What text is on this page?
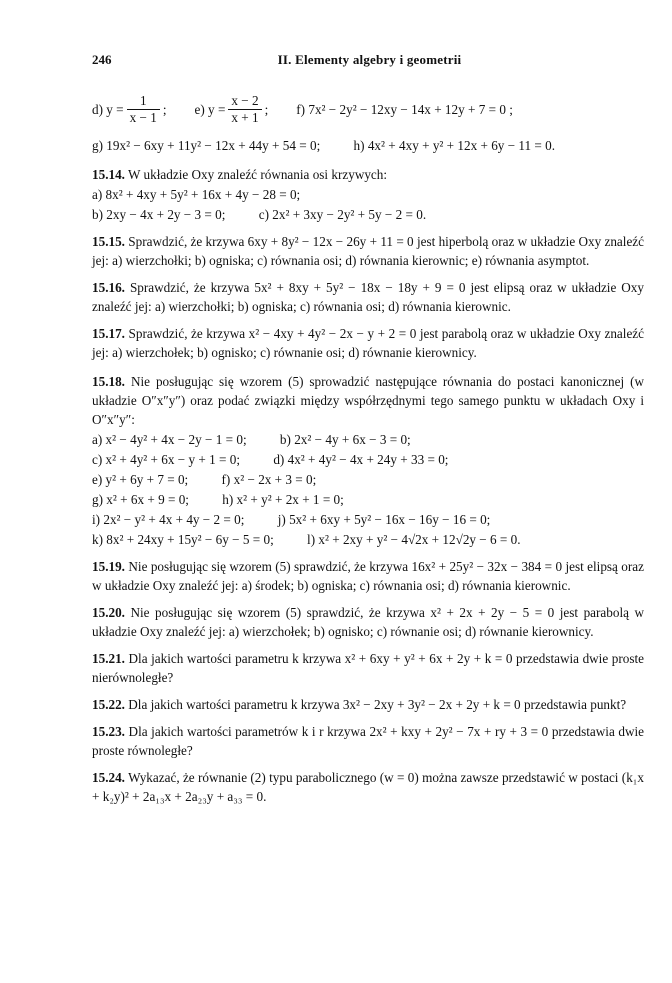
246	II. Elementy algebry i geometrii
d) $y = \frac{1}{x - 1}$ ; e) $y = \frac{x - 2}{x + 1}$ ; f) 7x² − 2y² − 12xy − 14x + 12y + 7 = 0 ;
g) 19x² − 6xy + 11y² − 12x + 44y + 54 = 0;	h) 4x² + 4xy + y² + 12x + 6y − 11 = 0.
15.14. W układzie Oxy znaleźć równania osi krzywych:
a) 8x² + 4xy + 5y² + 16x + 4y − 28 = 0;
b) 2xy − 4x + 2y − 3 = 0;	c) 2x² + 3xy − 2y² + 5y − 2 = 0.
15.15. Sprawdzić, że krzywa 6xy + 8y² − 12x − 26y + 11 = 0 jest hiperbolą oraz w układzie Oxy znaleźć jej: a) wierzchołki; b) ogniska; c) równania osi; d) równania kierownic; e) równania asymptot.
15.16. Sprawdzić, że krzywa 5x² + 8xy + 5y² − 18x − 18y + 9 = 0 jest elipsą oraz w układzie Oxy znaleźć jej: a) wierzchołki; b) ogniska; c) równania osi; d) równania kierownic.
15.17. Sprawdzić, że krzywa x² − 4xy + 4y² − 2x − y + 2 = 0 jest parabolą oraz w układzie Oxy znaleźć jej: a) wierzchołek; b) ognisko; c) równanie osi; d) równanie kierownicy.
15.18. Nie posługując się wzorem (5) sprowadzić następujące równania do postaci kanonicznej (w układzie O″x″y″) oraz podać związki między współrzędnymi tego samego punktu w układach Oxy i O″x″y″:
a) x² − 4y² + 4x − 2y − 1 = 0;	b) 2x² − 4y + 6x − 3 = 0;
c) x² + 4y² + 6x − y + 1 = 0;	d) 4x² + 4y² − 4x + 24y + 33 = 0;
e) y² + 6y + 7 = 0;	f) x² − 2x + 3 = 0;
g) x² + 6x + 9 = 0;	h) x² + y² + 2x + 1 = 0;
i) 2x² − y² + 4x + 4y − 2 = 0;	j) 5x² + 6xy + 5y² − 16x − 16y − 16 = 0;
k) 8x² + 24xy + 15y² − 6y − 5 = 0;	l) x² + 2xy + y² − 4√2x + 12√2y − 6 = 0.
15.19. Nie posługując się wzorem (5) sprawdzić, że krzywa 16x² + 25y² − 32x − 384 = 0 jest elipsą oraz w układzie Oxy znaleźć jej: a) środek; b) ogniska; c) równania osi; d) równania kierownic.
15.20. Nie posługując się wzorem (5) sprawdzić, że krzywa x² + 2x + 2y − 5 = 0 jest parabolą w układzie Oxy znaleźć jej: a) wierzchołek; b) ognisko; c) równanie osi; d) równanie kierownicy.
15.21. Dla jakich wartości parametru k krzywa x² + 6xy + y² + 6x + 2y + k = 0 przedstawia dwie proste nierównoległe?
15.22. Dla jakich wartości parametru k krzywa 3x² − 2xy + 3y² − 2x + 2y + k = 0 przedstawia punkt?
15.23. Dla jakich wartości parametrów k i r krzywa 2x² + kxy + 2y² − 7x + ry + 3 = 0 przedstawia dwie proste równoległe?
15.24. Wykazać, że równanie (2) typu parabolicznego (w = 0) można zawsze przedstawić w postaci (k₁x + k₂y)² + 2a₁₃x + 2a₂₃y + a₃₃ = 0.
